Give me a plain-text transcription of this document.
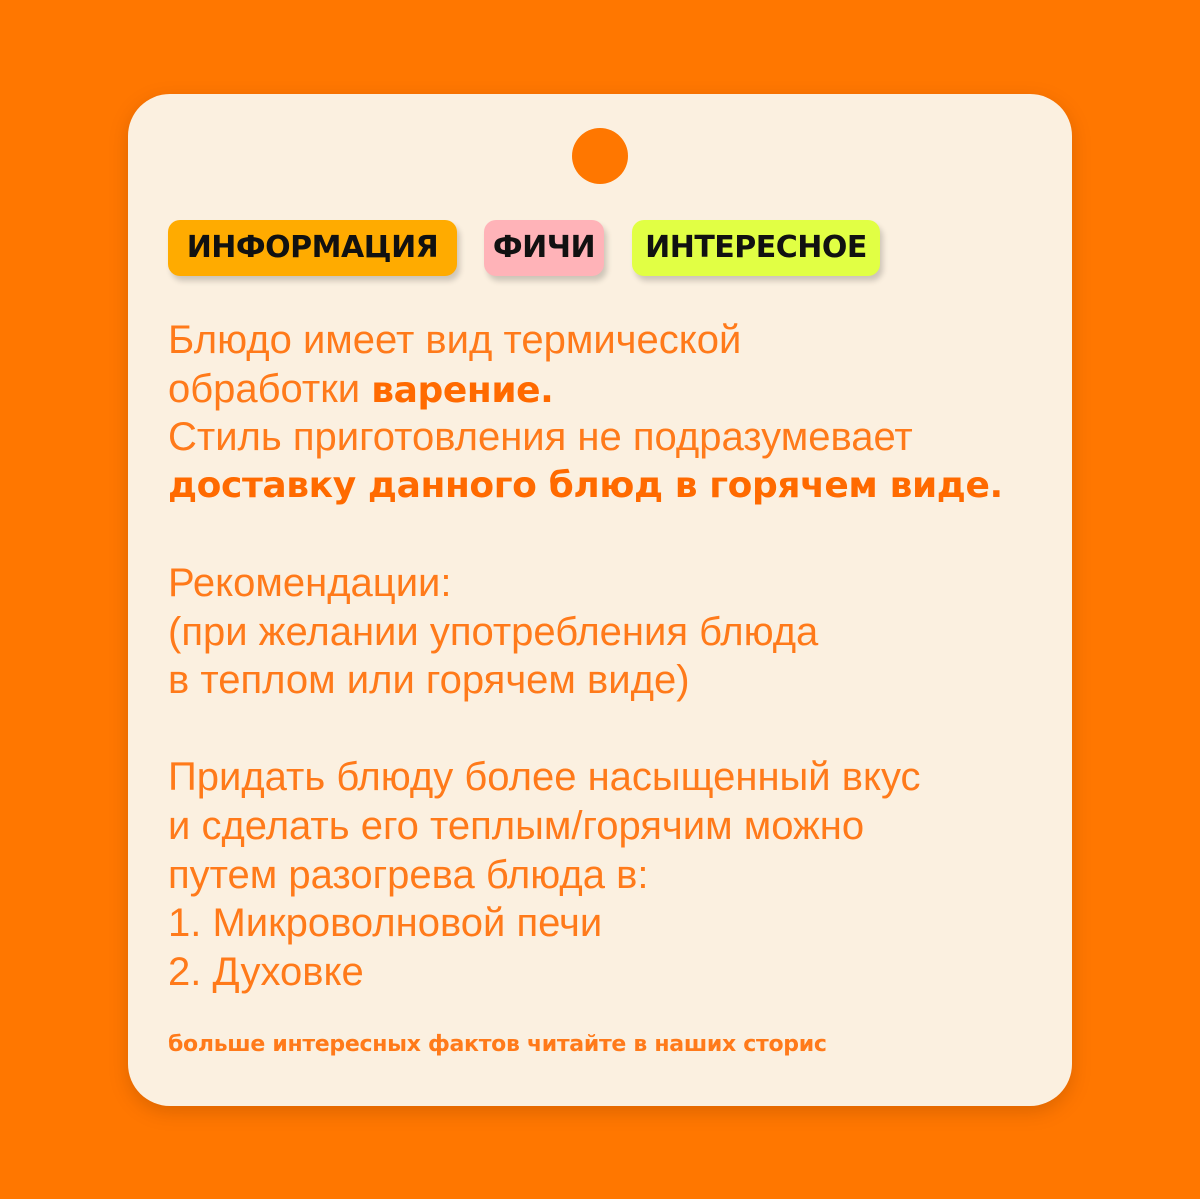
ИНФОРМАЦИЯ	ФИЧИ	ИНТЕРЕСНОЕ
Блюдо имеет вид термической
обработки варение.
Стиль приготовления не подразумевает
доставку данного блюд в горячем виде.
Рекомендации:
(при желании употребления блюда
в теплом или горячем виде)
Придать блюду более насыщенный вкус
и сделать его теплым/горячим можно
путем разогрева блюда в:
1. Микроволновой печи
2. Духовке
больше интересных фактов читайте в наших сторис
